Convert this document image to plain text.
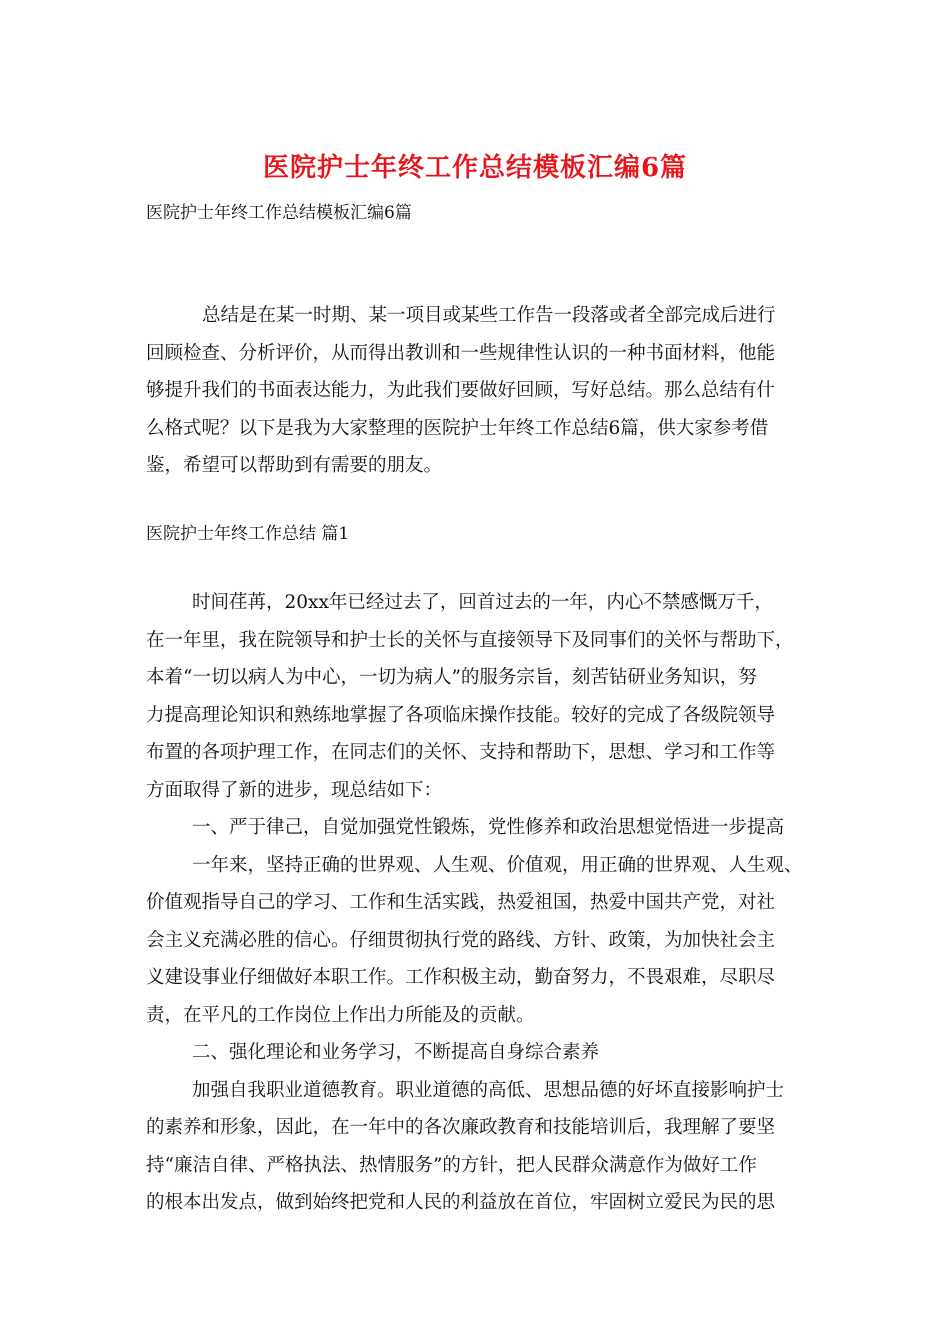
医院护士年终工作总结模板汇编6篇
医院护士年终工作总结模板汇编6篇

总结是在某一时期、某一项目或某些工作告一段落或者全部完成后进行

回顾检查、分析评价，从而得出教训和一些规律性认识的一种书面材料，他能

够提升我们的书面表达能力，为此我们要做好回顾，写好总结。那么总结有什

么格式呢？以下是我为大家整理的医院护士年终工作总结6篇，供大家参考借

鉴，希望可以帮助到有需要的朋友。

医院护士年终工作总结 篇1

时间荏苒，20xx年已经过去了，回首过去的一年，内心不禁感慨万千，

在一年里，我在院领导和护士长的关怀与直接领导下及同事们的关怀与帮助下，

本着“一切以病人为中心，一切为病人”的服务宗旨，刻苦钻研业务知识，努

力提高理论知识和熟练地掌握了各项临床操作技能。较好的完成了各级院领导

布置的各项护理工作，在同志们的关怀、支持和帮助下，思想、学习和工作等

方面取得了新的进步，现总结如下：

一、严于律己，自觉加强党性锻炼，党性修养和政治思想觉悟进一步提高

一年来，坚持正确的世界观、人生观、价值观，用正确的世界观、人生观、

价值观指导自己的学习、工作和生活实践，热爱祖国，热爱中国共产党，对社

会主义充满必胜的信心。仔细贯彻执行党的路线、方针、政策，为加快社会主

义建设事业仔细做好本职工作。工作积极主动，勤奋努力，不畏艰难，尽职尽

责，在平凡的工作岗位上作出力所能及的贡献。

二、强化理论和业务学习，不断提高自身综合素养

加强自我职业道德教育。职业道德的高低、思想品德的好坏直接影响护士

的素养和形象，因此，在一年中的各次廉政教育和技能培训后，我理解了要坚

持“廉洁自律、严格执法、热情服务”的方针，把人民群众满意作为做好工作

的根本出发点，做到始终把党和人民的利益放在首位，牢固树立爱民为民的思
